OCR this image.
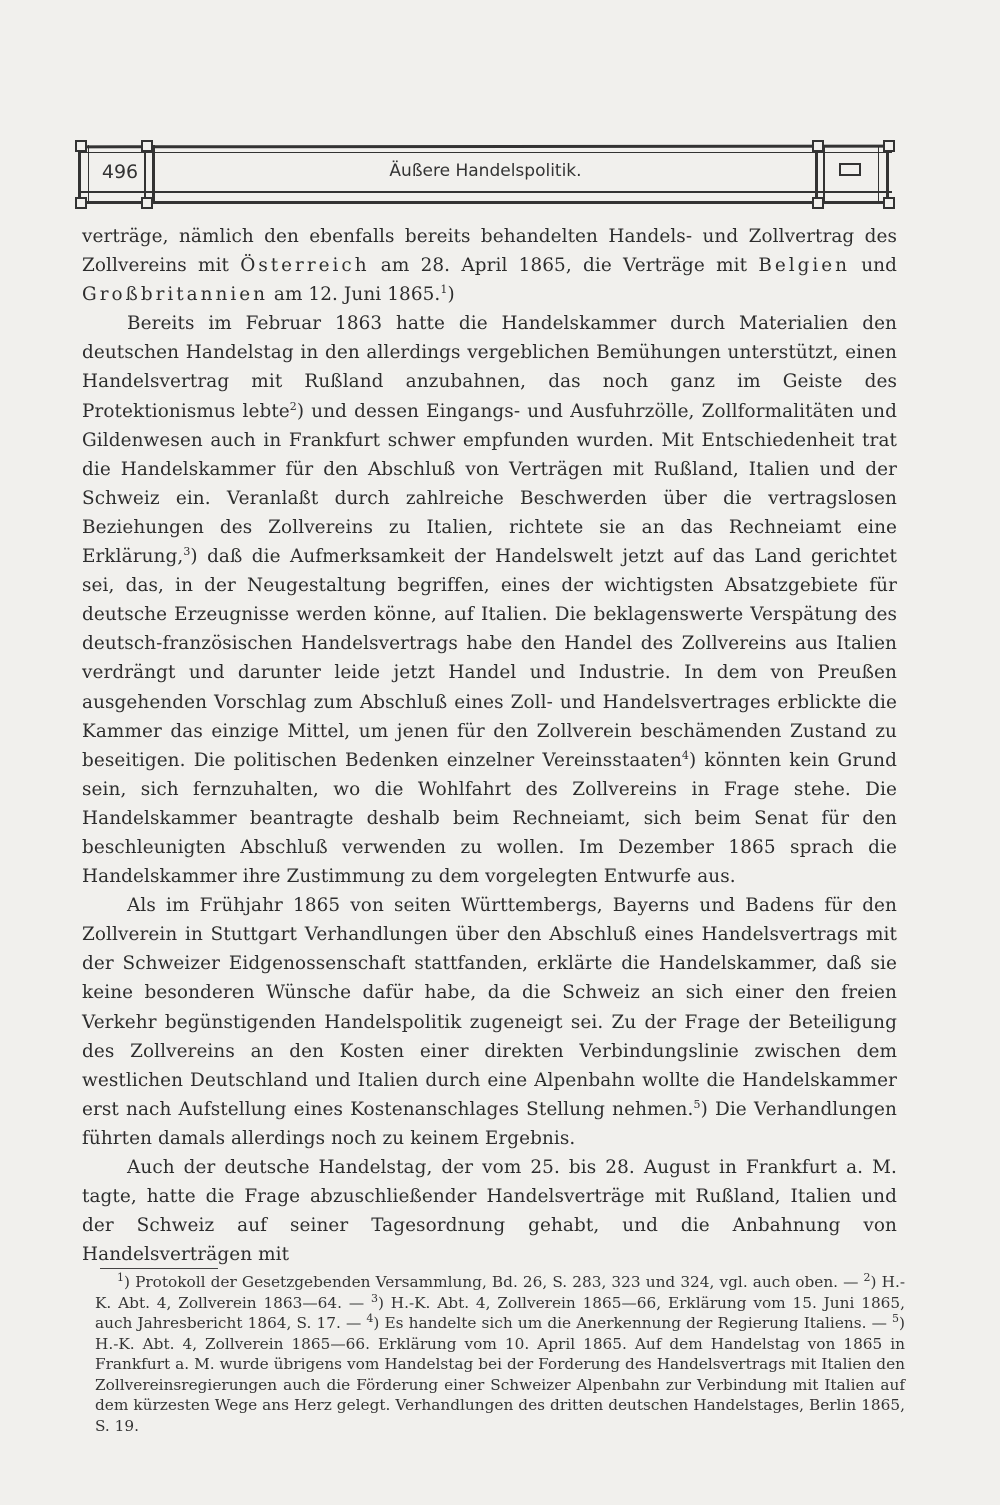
496	Äußere Handelspolitik.

verträge, nämlich den ebenfalls bereits behandelten Handels- und Zollvertrag des Zollvereins mit Österreich am 28. April 1865, die Verträge mit Belgien und Großbritannien am 12. Juni 1865.$^1$)

Bereits im Februar 1863 hatte die Handelskammer durch Materialien den deutschen Handelstag in den allerdings vergeblichen Bemühungen unterstützt, einen Handelsvertrag mit Rußland anzubahnen, das noch ganz im Geiste des Protektionismus lebte$^2$) und dessen Eingangs- und Ausfuhrzölle, Zollformalitäten und Gildenwesen auch in Frankfurt schwer empfunden wurden. Mit Entschiedenheit trat die Handelskammer für den Abschluß von Verträgen mit Rußland, Italien und der Schweiz ein. Veranlaßt durch zahlreiche Beschwerden über die vertragslosen Beziehungen des Zollvereins zu Italien, richtete sie an das Rechneiamt eine Erklärung,$^3$) daß die Aufmerksamkeit der Handelswelt jetzt auf das Land gerichtet sei, das, in der Neugestaltung begriffen, eines der wichtigsten Absatzgebiete für deutsche Erzeugnisse werden könne, auf Italien. Die beklagenswerte Verspätung des deutsch-französischen Handelsvertrags habe den Handel des Zollvereins aus Italien verdrängt und darunter leide jetzt Handel und Industrie. In dem von Preußen ausgehenden Vorschlag zum Abschluß eines Zoll- und Handelsvertrages erblickte die Kammer das einzige Mittel, um jenen für den Zollverein beschämenden Zustand zu beseitigen. Die politischen Bedenken einzelner Vereinsstaaten$^4$) könnten kein Grund sein, sich fernzuhalten, wo die Wohlfahrt des Zollvereins in Frage stehe. Die Handelskammer beantragte deshalb beim Rechneiamt, sich beim Senat für den beschleunigten Abschluß verwenden zu wollen. Im Dezember 1865 sprach die Handelskammer ihre Zustimmung zu dem vorgelegten Entwurfe aus.

Als im Frühjahr 1865 von seiten Württembergs, Bayerns und Badens für den Zollverein in Stuttgart Verhandlungen über den Abschluß eines Handelsvertrags mit der Schweizer Eidgenossenschaft stattfanden, erklärte die Handelskammer, daß sie keine besonderen Wünsche dafür habe, da die Schweiz an sich einer den freien Verkehr begünstigenden Handelspolitik zugeneigt sei. Zu der Frage der Beteiligung des Zollvereins an den Kosten einer direkten Verbindungslinie zwischen dem westlichen Deutschland und Italien durch eine Alpenbahn wollte die Handelskammer erst nach Aufstellung eines Kostenanschlages Stellung nehmen.$^5$) Die Verhandlungen führten damals allerdings noch zu keinem Ergebnis.

Auch der deutsche Handelstag, der vom 25. bis 28. August in Frankfurt a. M. tagte, hatte die Frage abzuschließender Handelsverträge mit Rußland, Italien und der Schweiz auf seiner Tagesordnung gehabt, und die Anbahnung von Handelsverträgen mit

$^1$) Protokoll der Gesetzgebenden Versammlung, Bd. 26, S. 283, 323 und 324, vgl. auch oben. — $^2$) H.-K. Abt. 4, Zollverein 1863—64. — $^3$) H.-K. Abt. 4, Zollverein 1865—66, Erklärung vom 15. Juni 1865, auch Jahresbericht 1864, S. 17. — $^4$) Es handelte sich um die Anerkennung der Regierung Italiens. — $^5$) H.-K. Abt. 4, Zollverein 1865—66. Erklärung vom 10. April 1865. Auf dem Handelstag von 1865 in Frankfurt a. M. wurde übrigens vom Handelstag bei der Forderung des Handelsvertrags mit Italien den Zollvereinsregierungen auch die Förderung einer Schweizer Alpenbahn zur Verbindung mit Italien auf dem kürzesten Wege ans Herz gelegt. Verhandlungen des dritten deutschen Handelstages, Berlin 1865, S. 19.
